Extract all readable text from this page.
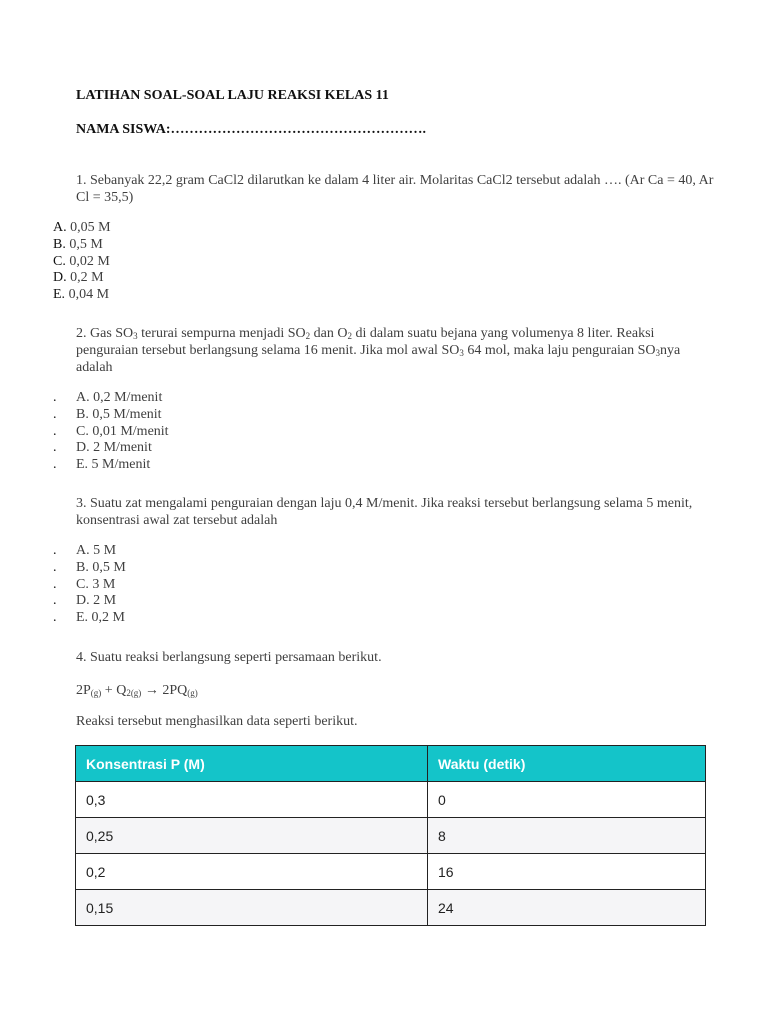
LATIHAN SOAL-SOAL LAJU REAKSI KELAS 11
NAMA SISWA:……………………………………………….
1. Sebanyak 22,2 gram CaCl2 dilarutkan ke dalam 4 liter air. Molaritas CaCl2 tersebut adalah …. (Ar Ca = 40, Ar Cl = 35,5)
A. 0,05 M
B. 0,5 M
C. 0,02 M
D. 0,2 M
E. 0,04 M
2. Gas $SO_3$ terurai sempurna menjadi $SO_2$ dan $O_2$ di dalam suatu bejana yang volumenya 8 liter. Reaksi penguraian tersebut berlangsung selama 16 menit. Jika mol awal $SO_3$ 64 mol, maka laju penguraian $SO_3nya$ adalah
. A. 0,2 M/menit
. B. 0,5 M/menit
. C. 0,01 M/menit
. D. 2 M/menit
. E. 5 M/menit
3. Suatu zat mengalami penguraian dengan laju 0,4 M/menit. Jika reaksi tersebut berlangsung selama 5 menit, konsentrasi awal zat tersebut adalah
. A. 5 M
. B. 0,5 M
. C. 3 M
. D. 2 M
. E. 0,2 M
4. Suatu reaksi berlangsung seperti persamaan berikut.
$2P_{(g)} + Q_{2(g)} \to 2PQ_{(g)}$
Reaksi tersebut menghasilkan data seperti berikut.
Konsentrasi P (M)	Waktu (detik)
0,3	0
0,25	8
0,2	16
0,15	24
